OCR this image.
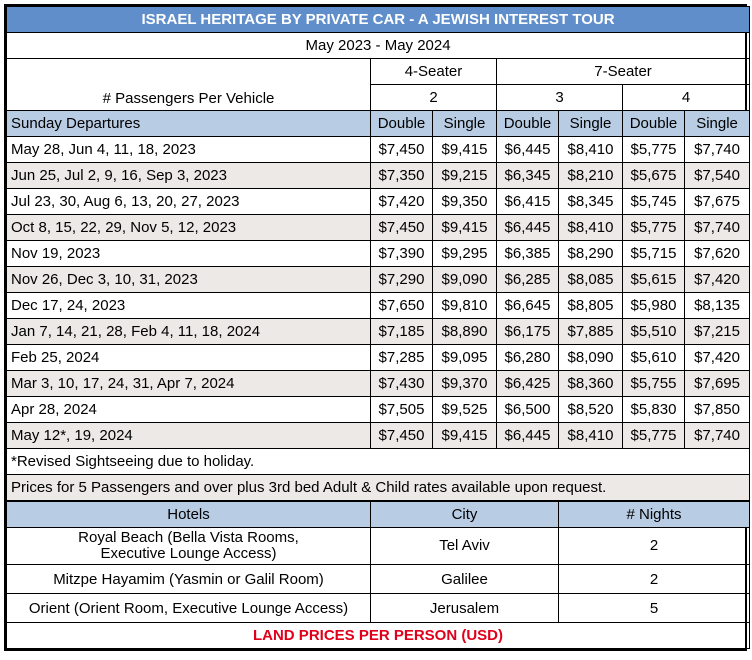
ISRAEL HERITAGE BY PRIVATE CAR - A JEWISH INTEREST TOUR						
May 2023 - May 2024						
# Passengers Per Vehicle	4-Seater		7-Seater			
	2		3		4	
Sunday Departures	Double	Single	Double	Single	Double	Single
May 28, Jun 4, 11, 18, 2023	$7,450	$9,415	$6,445	$8,410	$5,775	$7,740
Jun 25, Jul 2, 9, 16, Sep 3, 2023	$7,350	$9,215	$6,345	$8,210	$5,675	$7,540
Jul 23, 30, Aug 6, 13, 20, 27, 2023	$7,420	$9,350	$6,415	$8,345	$5,745	$7,675
Oct 8, 15, 22, 29, Nov 5, 12, 2023	$7,450	$9,415	$6,445	$8,410	$5,775	$7,740
Nov 19, 2023	$7,390	$9,295	$6,385	$8,290	$5,715	$7,620
Nov 26, Dec 3, 10, 31, 2023	$7,290	$9,090	$6,285	$8,085	$5,615	$7,420
Dec 17, 24, 2023	$7,650	$9,810	$6,645	$8,805	$5,980	$8,135
Jan 7, 14, 21, 28, Feb 4, 11, 18, 2024	$7,185	$8,890	$6,175	$7,885	$5,510	$7,215
Feb 25, 2024	$7,285	$9,095	$6,280	$8,090	$5,610	$7,420
Mar 3, 10, 17, 24, 31, Apr 7, 2024	$7,430	$9,370	$6,425	$8,360	$5,755	$7,695
Apr 28, 2024	$7,505	$9,525	$6,500	$8,520	$5,830	$7,850
May 12*, 19, 2024	$7,450	$9,415	$6,445	$8,410	$5,775	$7,740
*Revised Sightseeing due to holiday.						
Prices for 5 Passengers and over plus 3rd bed Adult & Child rates available upon request.						
Hotels	City	# Nights
Royal Beach (Bella Vista Rooms,
Executive Lounge Access)	Tel Aviv	2
Mitzpe Hayamim (Yasmin or Galil Room)	Galilee	2
Orient (Orient Room, Executive Lounge Access)	Jerusalem	5
LAND PRICES PER PERSON (USD)		
